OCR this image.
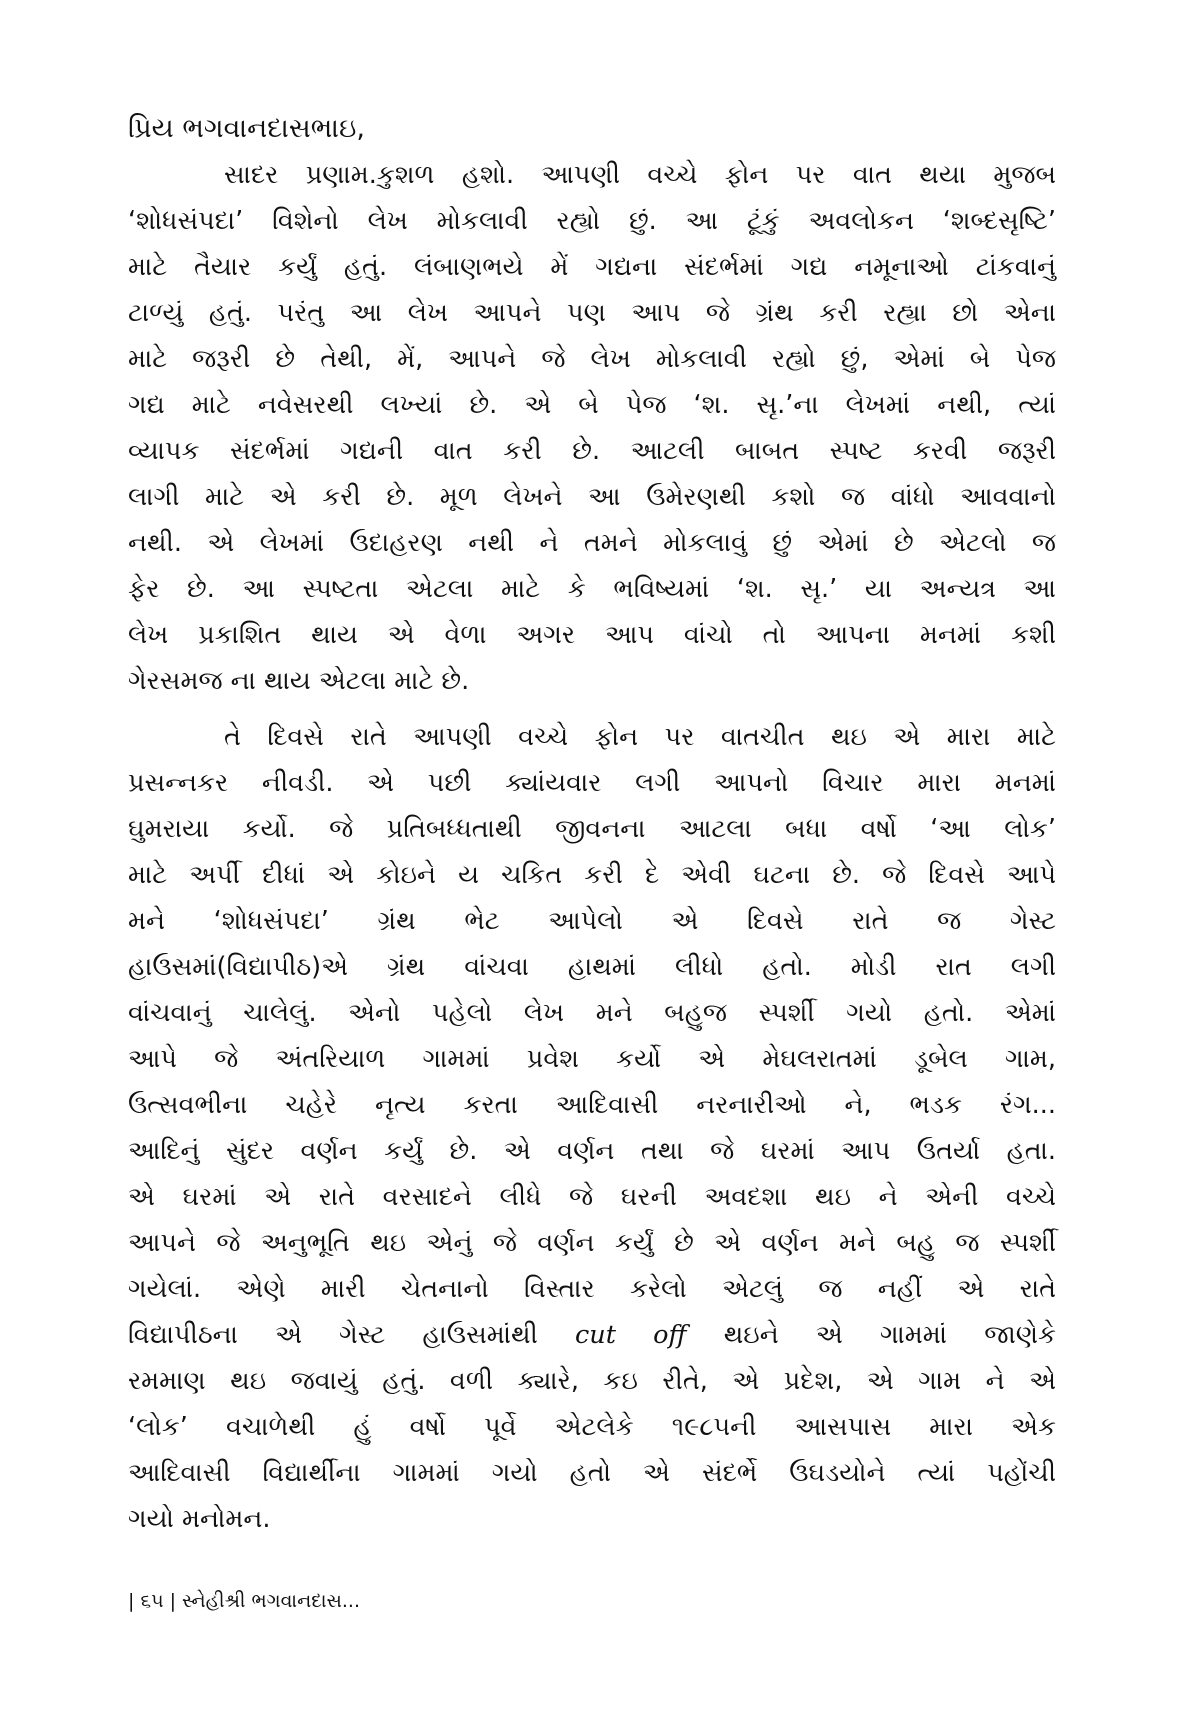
પ્રિય ભગવાનદાસભાઇ,
સાદર પ્રણામ.કુશળ હશો. આપણી વચ્ચે ફોન પર વાત થયા મુજબ
‘શોધસંપદા’ વિશેનો લેખ મોકલાવી રહ્યો છું. આ ટૂંકું અવલોકન ‘શબ્દસૃષ્ટિ’
માટે તૈયાર કર્યું હતું. લંબાણભયે મેં ગદ્યના સંદર્ભમાં ગદ્ય નમૂનાઓ ટાંકવાનું
ટાળ્યું હતું. પરંતુ આ લેખ આપને પણ આપ જે ગ્રંથ કરી રહ્યા છો એના
માટે જરૂરી છે તેથી, મેં, આપને જે લેખ મોકલાવી રહ્યો છું, એમાં બે પેજ
ગદ્ય માટે નવેસરથી લખ્યાં છે. એ બે પેજ ‘શ. સૃ.’ના લેખમાં નથી, ત્યાં
વ્યાપક સંદર્ભમાં ગદ્યની વાત કરી છે. આટલી બાબત સ્પષ્ટ કરવી જરૂરી
લાગી માટે એ કરી છે. મૂળ લેખને આ ઉમેરણથી કશો જ વાંધો આવવાનો
નથી. એ લેખમાં ઉદાહરણ નથી ને તમને મોકલાવું છું એમાં છે એટલો જ
ફેર છે. આ સ્પષ્ટતા એટલા માટે કે ભવિષ્યમાં ‘શ. સૃ.’ યા અન્યત્ર આ
લેખ પ્રકાશિત થાય એ વેળા અગર આપ વાંચો તો આપના મનમાં કશી
ગેરસમજ ના થાય એટલા માટે છે.
તે દિવસે રાતે આપણી વચ્ચે ફોન પર વાતચીત થઇ એ મારા માટે
પ્રસન્નકર નીવડી. એ પછી ક્યાંયવાર લગી આપનો વિચાર મારા મનમાં
ઘુમરાયા કર્યો. જે પ્રતિબધ્ધતાથી જીવનના આટલા બધા વર્ષો ‘આ લોક’
માટે અર્પી દીધાં એ કોઇને ય ચકિત કરી દે એવી ઘટના છે. જે દિવસે આપે
મને ‘શોધસંપદા’ ગ્રંથ ભેટ આપેલો એ દિવસે રાતે જ ગેસ્ટ
હાઉસમાં(વિદ્યાપીઠ)એ ગ્રંથ વાંચવા હાથમાં લીધો હતો. મોડી રાત લગી
વાંચવાનું ચાલેલું. એનો પહેલો લેખ મને બહુજ સ્પર્શી ગયો હતો. એમાં
આપે જે અંતરિયાળ ગામમાં પ્રવેશ કર્યો એ મેઘલરાતમાં ડૂબેલ ગામ,
ઉત્સવભીના ચહેરે નૃત્ય કરતા આદિવાસી નરનારીઓ ને, ભડક રંગ...
આદિનું સુંદર વર્ણન કર્યું છે. એ વર્ણન તથા જે ઘરમાં આપ ઉતર્યા હતા.
એ ઘરમાં એ રાતે વરસાદને લીધે જે ઘરની અવદશા થઇ ને એની વચ્ચે
આપને જે અનુભૂતિ થઇ એનું જે વર્ણન કર્યું છે એ વર્ણન મને બહુ જ સ્પર્શી
ગયેલાં. એણે મારી ચેતનાનો વિસ્તાર કરેલો એટલું જ નહીં એ રાતે
વિદ્યાપીઠના એ ગેસ્ટ હાઉસમાંથી cut off થઇને એ ગામમાં જાણેકે
રમમાણ થઇ જવાયું હતું. વળી ક્યારે, કઇ રીતે, એ પ્રદેશ, એ ગામ ને એ
‘લોક’ વચાળેથી હું વર્ષો પૂર્વે એટલેકે ૧૯૮૫ની આસપાસ મારા એક
આદિવાસી વિદ્યાર્થીના ગામમાં ગયો હતો એ સંદર્ભે ઉઘડયોને ત્યાં પહોંચી
ગયો મનોમન.
| ૬૫ | સ્નેહીશ્રી ભગવાનદાસ...
